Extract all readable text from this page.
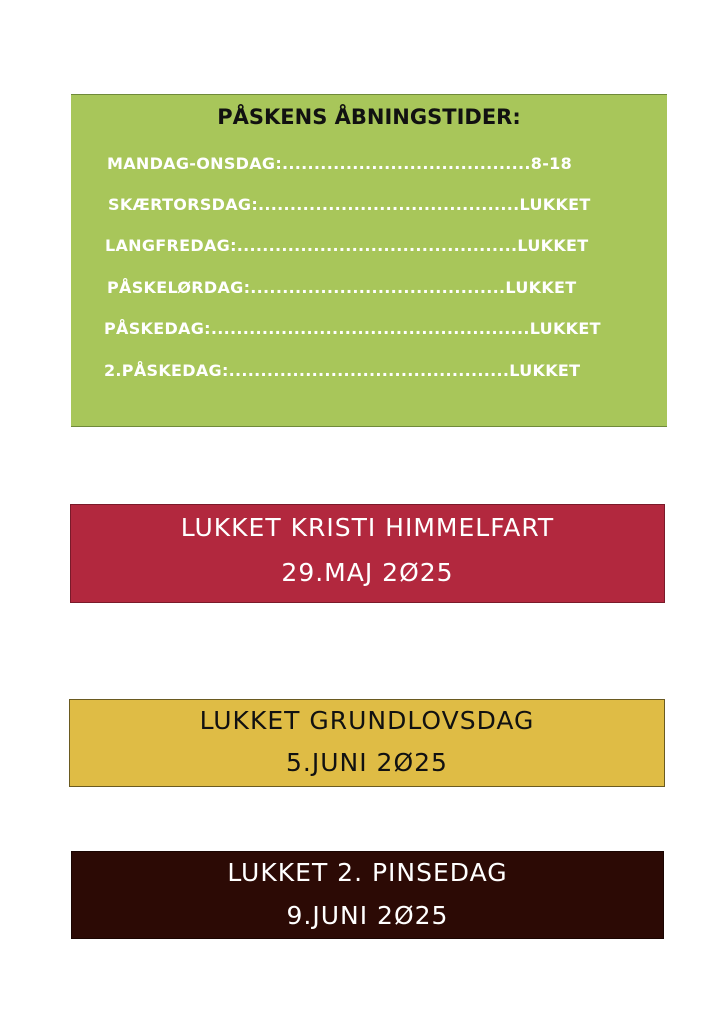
PÅSKENS ÅBNINGSTIDER:
MANDAG-ONSDAG:.......................................8-18
SKÆRTORSDAG:.........................................LUKKET
LANGFREDAG:............................................LUKKET
PÅSKELØRDAG:........................................LUKKET
PÅSKEDAG:..................................................LUKKET
2.PÅSKEDAG:............................................LUKKET
LUKKET KRISTI HIMMELFART
29.MAJ 2Ø25
LUKKET GRUNDLOVSDAG
5.JUNI 2Ø25
LUKKET 2. PINSEDAG
9.JUNI 2Ø25
